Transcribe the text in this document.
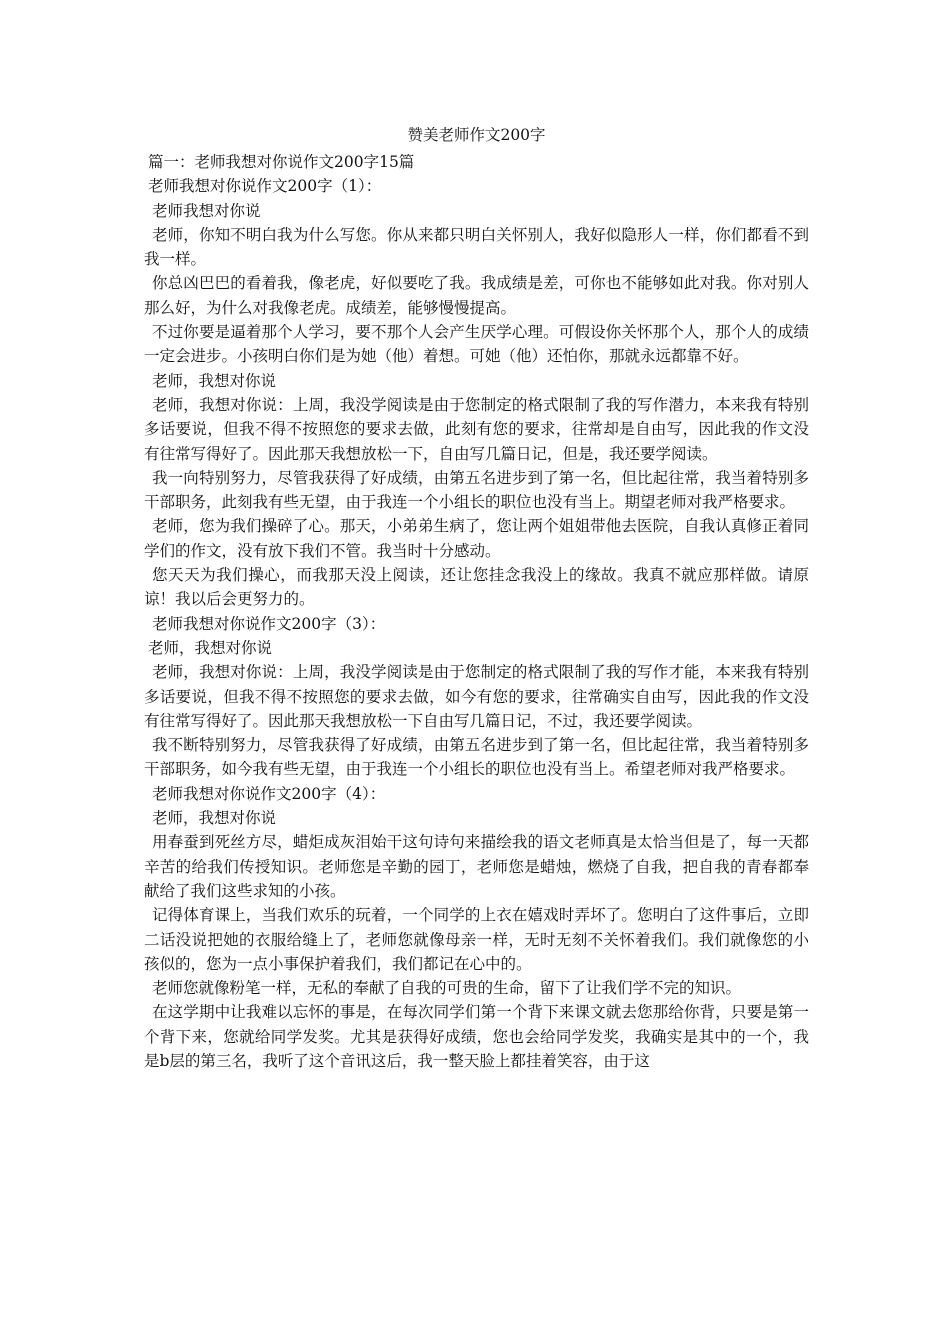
赞美老师作文200字

篇一：老师我想对你说作文200字15篇

老师我想对你说作文200字（1）：

老师我想对你说

老师，你知不明白我为什么写您。你从来都只明白关怀别人，我好似隐形人一样，你们都看不到我一样。

你总凶巴巴的看着我，像老虎，好似要吃了我。我成绩是差，可你也不能够如此对我。你对别人那么好，为什么对我像老虎。成绩差，能够慢慢提高。

不过你要是逼着那个人学习，要不那个人会产生厌学心理。可假设你关怀那个人，那个人的成绩一定会进步。小孩明白你们是为她（他）着想。可她（他）还怕你，那就永远都靠不好。

老师，我想对你说

老师，我想对你说：上周，我没学阅读是由于您制定的格式限制了我的写作潜力，本来我有特别多话要说，但我不得不按照您的要求去做，此刻有您的要求，往常却是自由写，因此我的作文没有往常写得好了。因此那天我想放松一下，自由写几篇日记，但是，我还要学阅读。

我一向特别努力，尽管我获得了好成绩，由第五名进步到了第一名，但比起往常，我当着特别多干部职务，此刻我有些无望，由于我连一个小组长的职位也没有当上。期望老师对我严格要求。

老师，您为我们操碎了心。那天，小弟弟生病了，您让两个姐姐带他去医院，自我认真修正着同学们的作文，没有放下我们不管。我当时十分感动。

您天天为我们操心，而我那天没上阅读，还让您挂念我没上的缘故。我真不就应那样做。请原谅！我以后会更努力的。

老师我想对你说作文200字（3）：

老师，我想对你说

老师，我想对你说：上周，我没学阅读是由于您制定的格式限制了我的写作才能，本来我有特别多话要说，但我不得不按照您的要求去做，如今有您的要求，往常确实自由写，因此我的作文没有往常写得好了。因此那天我想放松一下自由写几篇日记，不过，我还要学阅读。

我不断特别努力，尽管我获得了好成绩，由第五名进步到了第一名，但比起往常，我当着特别多干部职务，如今我有些无望，由于我连一个小组长的职位也没有当上。希望老师对我严格要求。

老师我想对你说作文200字（4）：

老师，我想对你说

用春蚕到死丝方尽，蜡炬成灰泪始干这句诗句来描绘我的语文老师真是太恰当但是了，每一天都辛苦的给我们传授知识。老师您是辛勤的园丁，老师您是蜡烛，燃烧了自我，把自我的青春都奉献给了我们这些求知的小孩。

记得体育课上，当我们欢乐的玩着，一个同学的上衣在嬉戏时弄坏了。您明白了这件事后，立即二话没说把她的衣服给缝上了，老师您就像母亲一样，无时无刻不关怀着我们。我们就像您的小孩似的，您为一点小事保护着我们，我们都记在心中的。

老师您就像粉笔一样，无私的奉献了自我的可贵的生命，留下了让我们学不完的知识。

在这学期中让我难以忘怀的事是，在每次同学们第一个背下来课文就去您那给你背，只要是第一个背下来，您就给同学发奖。尤其是获得好成绩，您也会给同学发奖，我确实是其中的一个，我是b层的第三名，我听了这个音讯这后，我一整天脸上都挂着笑容，由于这
